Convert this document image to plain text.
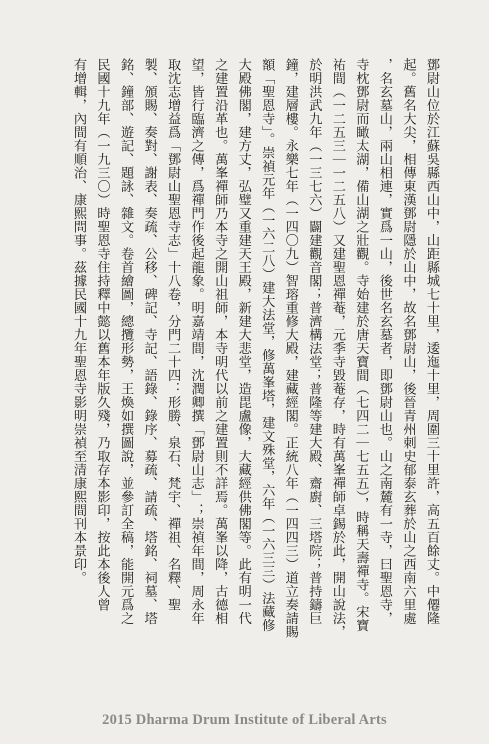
鄧尉山位於江蘇吳縣西山中，山距縣城七十里，逶迤十里，周圍三十里許，高五百餘丈。中僊隆
起。舊名大尖，相傳東漢鄧尉隱於山中，故名鄧尉山，後晉青州刺史郁泰玄葬於山之西南六里處
，名玄墓山，兩山相連，實爲一山，後世名玄墓者，即鄧尉山也。山之南麓有一寺，曰聖恩寺，
寺枕鄧尉而瞰太湖，備山湖之壯觀。寺始建於唐天寶間（七四二｜七五五），時稱天壽禪寺。宋寶
祐間（一二五三｜一二五八）又建聖恩禪菴，元季寺毀菴存，時有萬峯禪師卓錫於此，開山說法，
於明洪武九年（一三七六）闢建觀音閣；普濟構法堂；普隆等建大殿、齋廚、三塔院；普持鑄巨
鐘，建層樓。永樂七年（一四〇九）智瑢重修大殿，建藏經閣。正統八年（一四四三）道立奏請賜
額「聖恩寺」。崇禎元年（一六二八）建大法堂，修萬峯塔，建文殊堂，六年（一六三三）法藏修
大殿佛閣，建方丈，弘璧又重建天王殿，新建大悲堂，造毘盧像，大藏經供佛閣等。此有明一代
之建置沿革也。萬峯禪師乃本寺之開山祖師，本寺明代以前之建置則不詳焉。萬峯以降，古德相
望，皆行臨濟之傳，爲禪門作後起龍象。明嘉靖間，沈潤卿撰「鄧尉山志」；崇禎年間，周永年
取沈志增益爲「鄧尉山聖恩寺志」十八卷，分門二十四：形勝、泉石、梵宇、禪祖、名釋、聖
製、頒賜、奏對、謝表、奏疏、公移、碑記、寺記、語錄、錄序、募疏、請疏、塔銘、祠墓、塔
銘、鐘部、遊記、題詠、雜文。卷首繪圖，總攬形勢，王煥如撰圖說，並參訂全稿，能開元爲之
民國十九年（一九三〇）時聖恩寺住持釋中懿以舊本年版久殘，乃取存本影印，按此本後人曾
有增輯，內間有順治、康熙問事。茲據民國十九年聖恩寺影明崇禎至清康熙間刊本景印。
2015 Dharma Drum Institute of Liberal Arts
